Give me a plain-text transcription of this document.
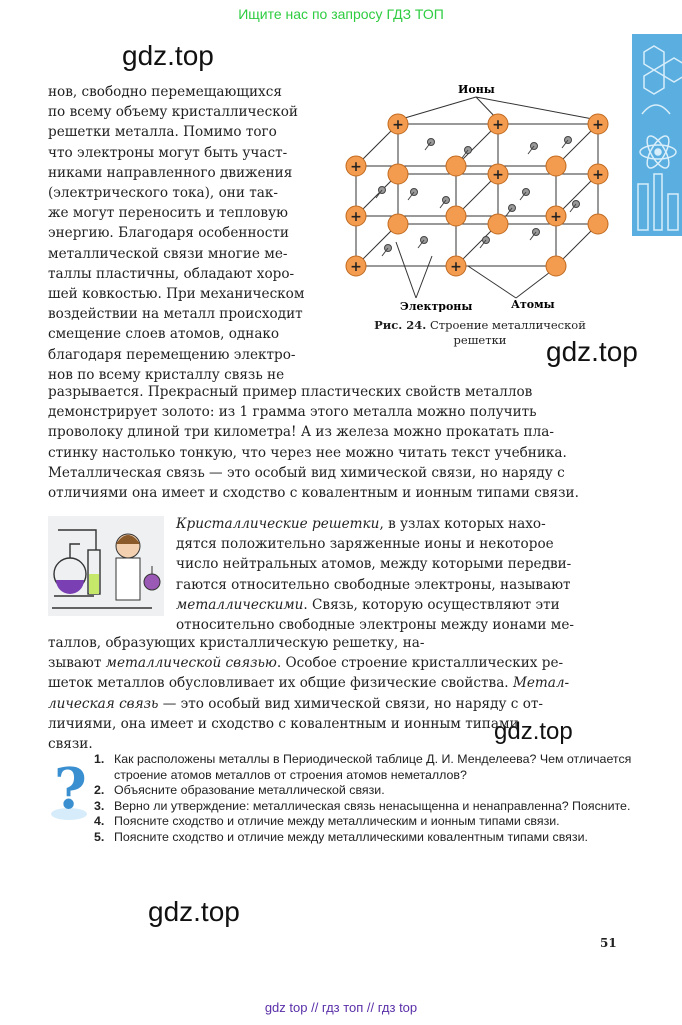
Ищите нас по запросу ГДЗ ТОП
gdz.top
gdz.top
gdz.top
gdz.top
Ионы
+	+	+
+	+	+
+	+
+	+
Электроны	Атомы
Рис. 24. Строение металлической решетки
нов, свободно перемещающихся
по всему объему кристаллической
решетки металла. Помимо того
что электроны могут быть участ-
никами направленного движения
(электрического тока), они так-
же могут переносить и тепловую
энергию. Благодаря особенности
металлической связи многие ме-
таллы пластичны, обладают хоро-
шей ковкостью. При механическом
воздействии на металл происходит
смещение слоев атомов, однако
благодаря перемещению электро-
нов по всему кристаллу связь не
разрывается. Прекрасный пример пластических свойств металлов
демонстрирует золото: из 1 грамма этого металла можно получить
проволоку длиной три километра! А из железа можно прокатать пла-
стинку настолько тонкую, что через нее можно читать текст учебника.
Металлическая связь — это особый вид химической связи, но наряду с
отличиями она имеет и сходство с ковалентным и ионным типами связи.
Кристаллические решетки, в узлах которых нахо-
дятся положительно заряженные ионы и некоторое
число нейтральных атомов, между которыми передви-
гаются относительно свободные электроны, называют
металлическими. Связь, которую осуществляют эти
относительно свободные электроны между ионами ме-
таллов, образующих кристаллическую решетку, на-
зывают металлической связью. Особое строение кристаллических ре-
шеток металлов обусловливает их общие физические свойства. Метал-
лическая связь — это особый вид химической связи, но наряду с от-
личиями, она имеет и сходство с ковалентным и ионным типами
связи.
? 1. Как расположены металлы в Периодической таблице Д. И. Менделеева? Чем отличается строение атомов металлов от строения атомов неметаллов?
2. Объясните образование металлической связи.
3. Верно ли утверждение: металлическая связь ненасыщенна и ненаправленна? Поясните.
4. Поясните сходство и отличие между металлическим и ионным типами связи.
5. Поясните сходство и отличие между металлическими ковалентным типами связи.
51
gdz top // гдз топ // гдз top
